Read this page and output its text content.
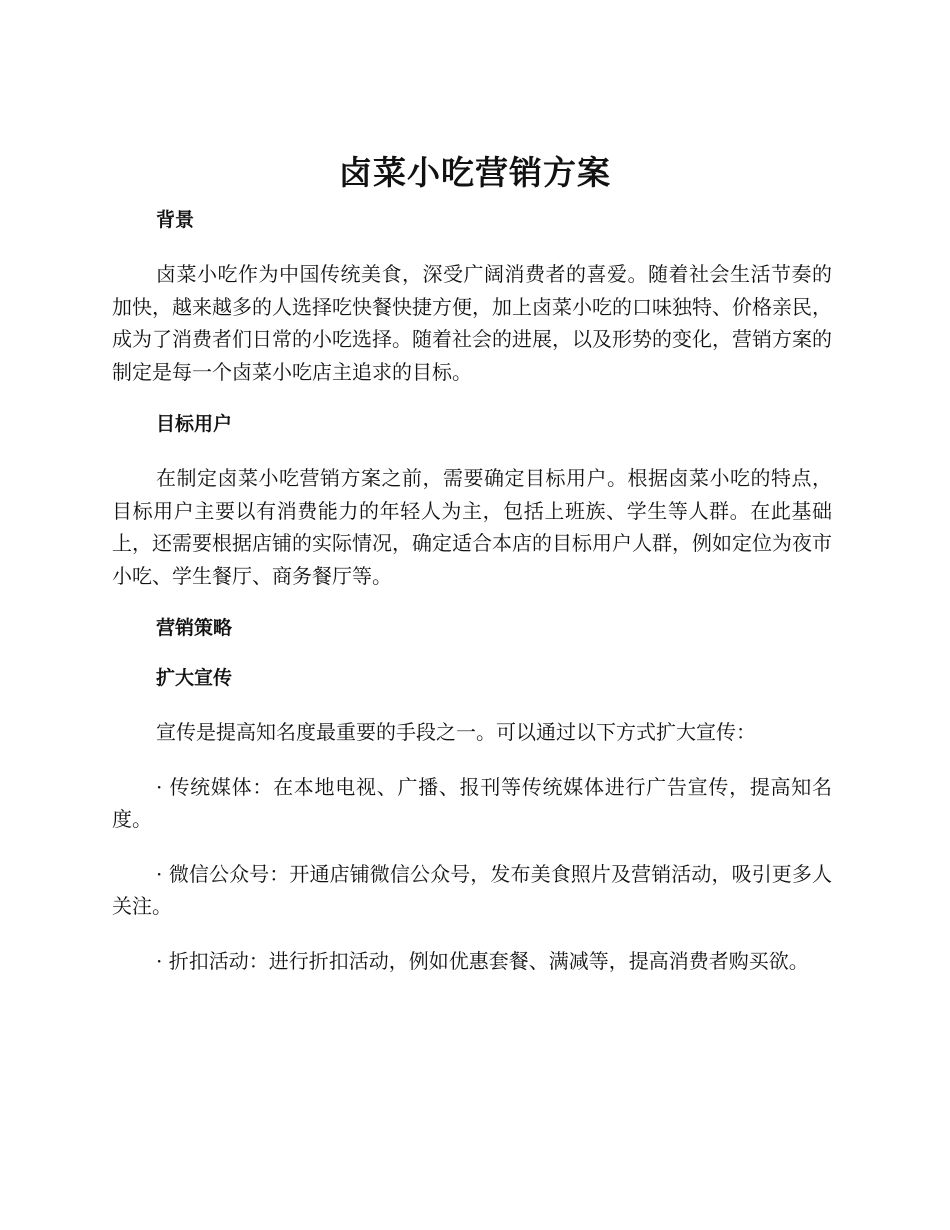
卤菜小吃营销方案
背景

卤菜小吃作为中国传统美食，深受广阔消费者的喜爱。随着社会生活节奏的加快，越来越多的人选择吃快餐快捷方便，加上卤菜小吃的口味独特、价格亲民，成为了消费者们日常的小吃选择。随着社会的进展，以及形势的变化，营销方案的制定是每一个卤菜小吃店主追求的目标。

目标用户

在制定卤菜小吃营销方案之前，需要确定目标用户。根据卤菜小吃的特点，目标用户主要以有消费能力的年轻人为主，包括上班族、学生等人群。在此基础上，还需要根据店铺的实际情况，确定适合本店的目标用户人群，例如定位为夜市小吃、学生餐厅、商务餐厅等。

营销策略
扩大宣传

宣传是提高知名度最重要的手段之一。可以通过以下方式扩大宣传：

· 传统媒体：在本地电视、广播、报刊等传统媒体进行广告宣传，提高知名度。

· 微信公众号：开通店铺微信公众号，发布美食照片及营销活动，吸引更多人关注。

· 折扣活动：进行折扣活动，例如优惠套餐、满减等，提高消费者购买欲。
